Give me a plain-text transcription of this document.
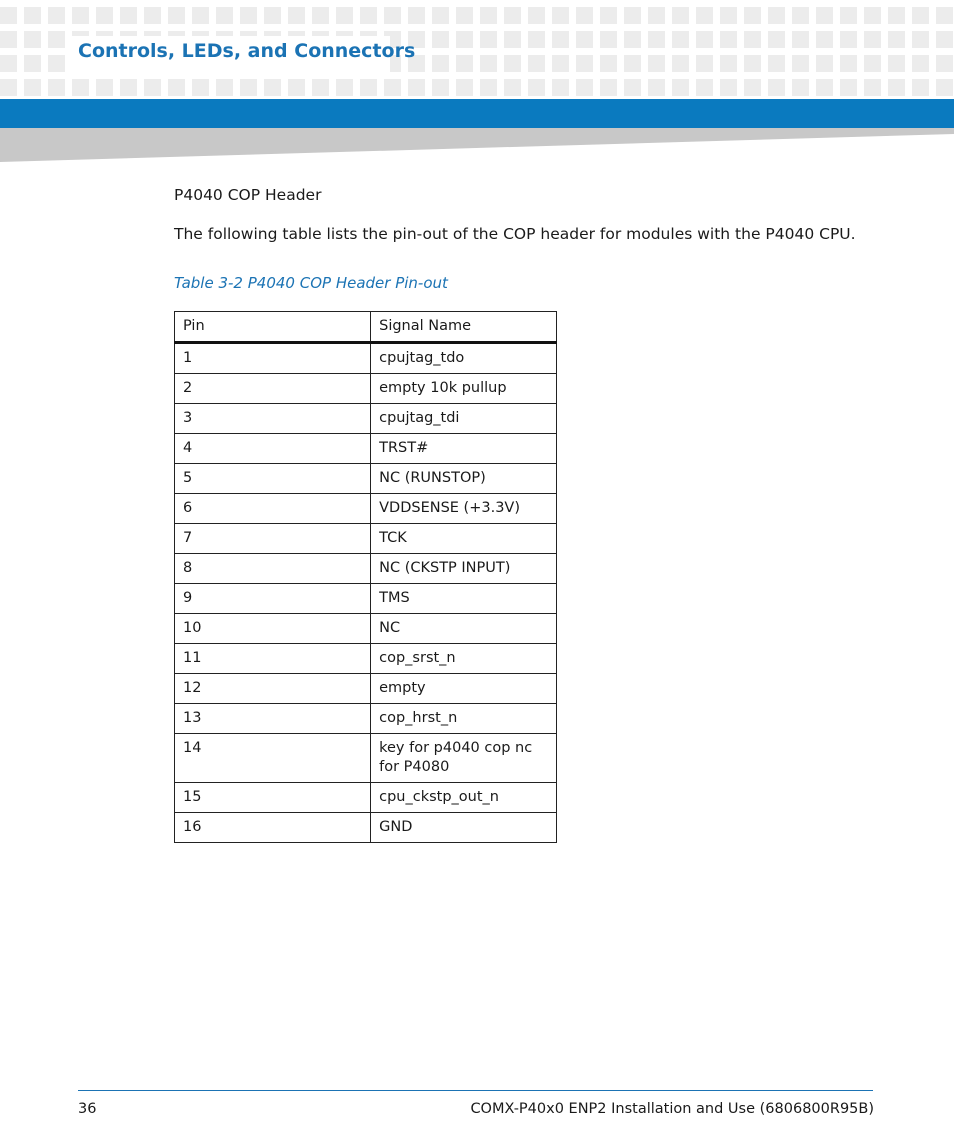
Controls, LEDs, and Connectors
P4040 COP Header
The following table lists the pin-out of the COP header for modules with the P4040 CPU.
Table 3-2 P4040 COP Header Pin-out
Pin	Signal Name
1	cpujtag_tdo
2	empty 10k pullup
3	cpujtag_tdi
4	TRST#
5	NC (RUNSTOP)
6	VDDSENSE (+3.3V)
7	TCK
8	NC (CKSTP INPUT)
9	TMS
10	NC
11	cop_srst_n
12	empty
13	cop_hrst_n
14	key for p4040 cop nc for P4080
15	cpu_ckstp_out_n
16	GND
36	COMX-P40x0 ENP2 Installation and Use (6806800R95B)
